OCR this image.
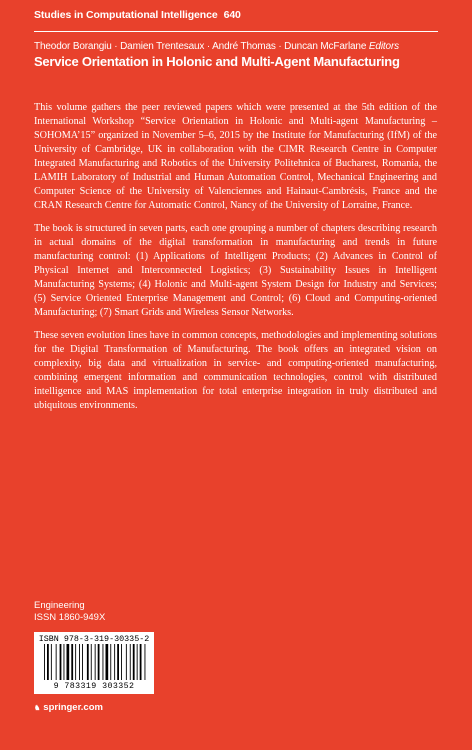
Studies in Computational Intelligence 640
Theodor Borangiu · Damien Trentesaux · André Thomas · Duncan McFarlane Editors
Service Orientation in Holonic and Multi-Agent Manufacturing

This volume gathers the peer reviewed papers which were presented at the 5th edition of the International Workshop “Service Orientation in Holonic and Multi-agent Manufacturing – SOHOMA’15” organized in November 5–6, 2015 by the Institute for Manufacturing (IfM) of the University of Cambridge, UK in collaboration with the CIMR Research Centre in Computer Integrated Manufacturing and Robotics of the University Politehnica of Bucharest, Romania, the LAMIH Laboratory of Industrial and Human Automation Control, Mechanical Engineering and Computer Science of the University of Valenciennes and Hainaut-Cambrésis, France and the CRAN Research Centre for Automatic Control, Nancy of the University of Lorraine, France.

The book is structured in seven parts, each one grouping a number of chapters describing research in actual domains of the digital transformation in manufacturing and trends in future manufacturing control: (1) Applications of Intelligent Products; (2) Advances in Control of Physical Internet and Interconnected Logistics; (3) Sustainability Issues in Intelligent Manufacturing Systems; (4) Holonic and Multi-agent System Design for Industry and Services; (5) Service Oriented Enterprise Management and Control; (6) Cloud and Computing-oriented Manufacturing; (7) Smart Grids and Wireless Sensor Networks.

These seven evolution lines have in common concepts, methodologies and implementing solutions for the Digital Transformation of Manufacturing. The book offers an integrated vision on complexity, big data and virtualization in service- and computing-oriented manufacturing, combining emergent information and communication technologies, control with distributed intelligence and MAS implementation for total enterprise integration in truly distributed and ubiquitous environments.

Engineering
ISSN 1860-949X
ISBN 978-3-319-30335-2
9 783319 303352
♞ springer.com
